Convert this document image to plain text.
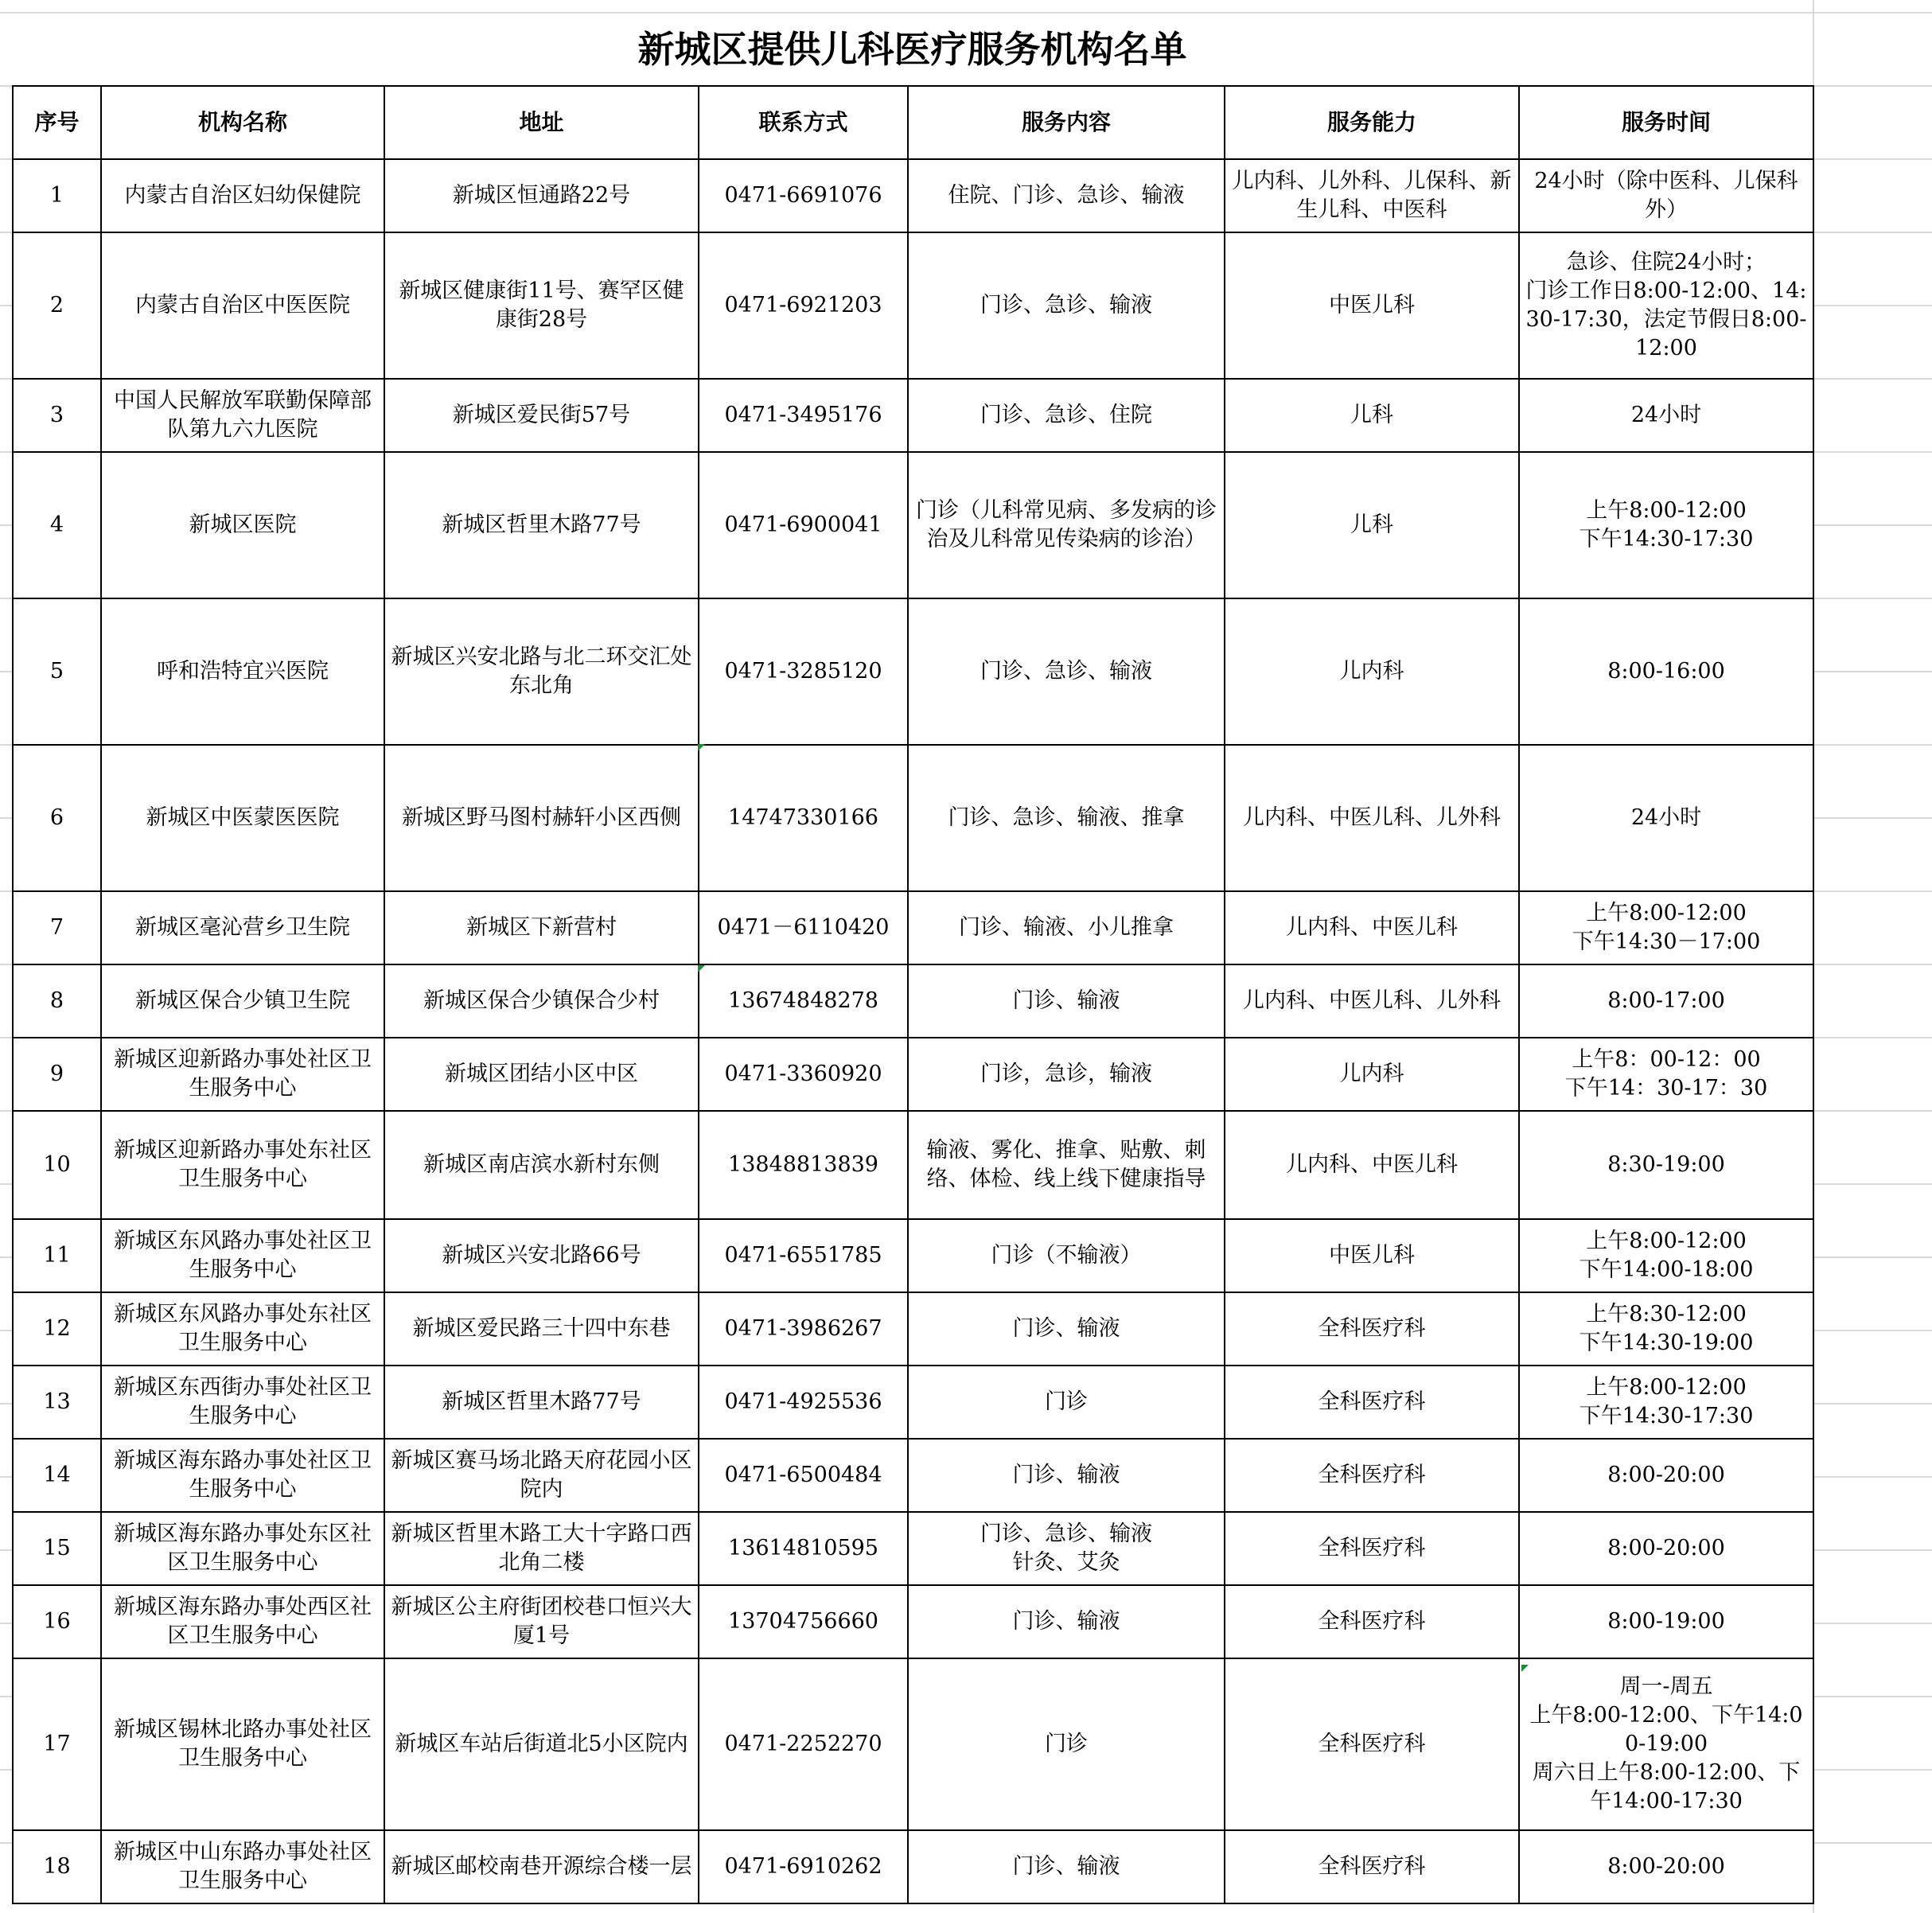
新城区提供儿科医疗服务机构名单
序号	机构名称	地址	联系方式	服务内容	服务能力	服务时间
1	内蒙古自治区妇幼保健院	新城区恒通路22号	0471-6691076	住院、门诊、急诊、输液	儿内科、儿外科、儿保科、新生儿科、中医科	24小时（除中医科、儿保科外）
2	内蒙古自治区中医医院	新城区健康街11号、赛罕区健康街28号	0471-6921203	门诊、急诊、输液	中医儿科	急诊、住院24小时；
门诊工作日8:00-12:00、14:30-17:30，法定节假日8:00-12:00
3	中国人民解放军联勤保障部队第九六九医院	新城区爱民街57号	0471-3495176	门诊、急诊、住院	儿科	24小时
4	新城区医院	新城区哲里木路77号	0471-6900041	门诊（儿科常见病、多发病的诊治及儿科常见传染病的诊治）	儿科	上午8:00-12:00
下午14:30-17:30
5	呼和浩特宜兴医院	新城区兴安北路与北二环交汇处东北角	0471-3285120	门诊、急诊、输液	儿内科	8:00-16:00
6	新城区中医蒙医医院	新城区野马图村赫轩小区西侧	14747330166	门诊、急诊、输液、推拿	儿内科、中医儿科、儿外科	24小时
7	新城区毫沁营乡卫生院	新城区下新营村	0471－6110420	门诊、输液、小儿推拿	儿内科、中医儿科	上午8:00-12:00
下午14:30－17:00
8	新城区保合少镇卫生院	新城区保合少镇保合少村	13674848278	门诊、输液	儿内科、中医儿科、儿外科	8:00-17:00
9	新城区迎新路办事处社区卫生服务中心	新城区团结小区中区	0471-3360920	门诊，急诊，输液	儿内科	上午8：00-12：00
下午14：30-17：30
10	新城区迎新路办事处东社区卫生服务中心	新城区南店滨水新村东侧	13848813839	输液、雾化、推拿、贴敷、刺络、体检、线上线下健康指导	儿内科、中医儿科	8:30-19:00
11	新城区东风路办事处社区卫生服务中心	新城区兴安北路66号	0471-6551785	门诊（不输液）	中医儿科	上午8:00-12:00
下午14:00-18:00
12	新城区东风路办事处东社区卫生服务中心	新城区爱民路三十四中东巷	0471-3986267	门诊、输液	全科医疗科	上午8:30-12:00
下午14:30-19:00
13	新城区东西街办事处社区卫生服务中心	新城区哲里木路77号	0471-4925536	门诊	全科医疗科	上午8:00-12:00
下午14:30-17:30
14	新城区海东路办事处社区卫生服务中心	新城区赛马场北路天府花园小区院内	0471-6500484	门诊、输液	全科医疗科	8:00-20:00
15	新城区海东路办事处东区社区卫生服务中心	新城区哲里木路工大十字路口西北角二楼	13614810595	门诊、急诊、输液
针灸、艾灸	全科医疗科	8:00-20:00
16	新城区海东路办事处西区社区卫生服务中心	新城区公主府街团校巷口恒兴大厦1号	13704756660	门诊、输液	全科医疗科	8:00-19:00
17	新城区锡林北路办事处社区卫生服务中心	新城区车站后街道北5小区院内	0471-2252270	门诊	全科医疗科	周一-周五
上午8:00-12:00、下午14:00-19:00
周六日上午8:00-12:00、下午14:00-17:30
18	新城区中山东路办事处社区卫生服务中心	新城区邮校南巷开源综合楼一层	0471-6910262	门诊、输液	全科医疗科	8:00-20:00
